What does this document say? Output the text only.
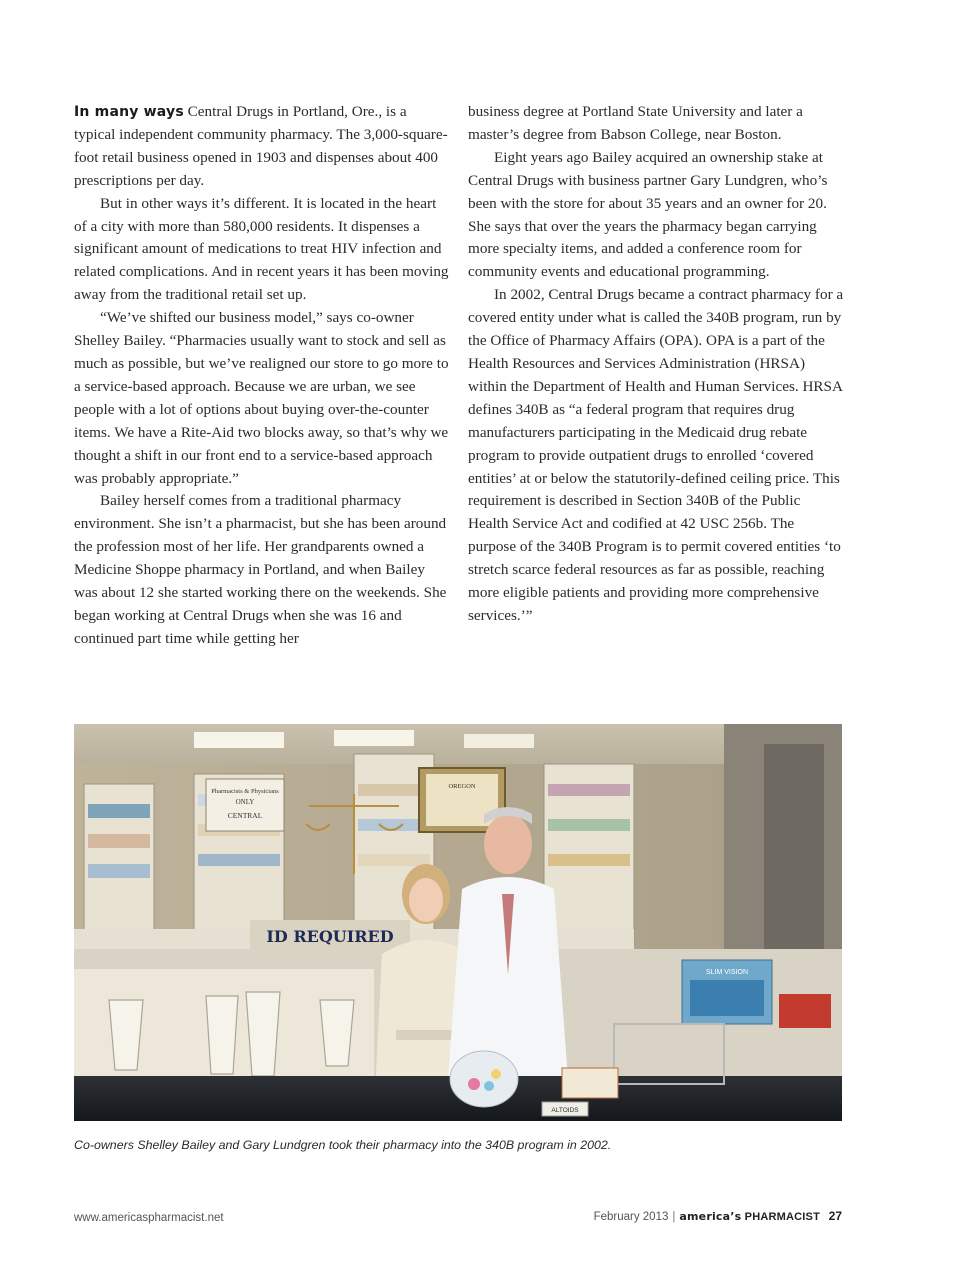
In many ways Central Drugs in Portland, Ore., is a typical independent community pharmacy. The 3,000-square-foot retail business opened in 1903 and dispenses about 400 prescriptions per day.

But in other ways it’s different. It is located in the heart of a city with more than 580,000 residents. It dispenses a significant amount of medications to treat HIV infection and related complications. And in recent years it has been moving away from the traditional retail set up.

“We’ve shifted our business model,” says co-owner Shelley Bailey. “Pharmacies usually want to stock and sell as much as possible, but we’ve realigned our store to go more to a service-based approach. Because we are urban, we see people with a lot of options about buying over-the-counter items. We have a Rite-Aid two blocks away, so that’s why we thought a shift in our front end to a service-based approach was probably appropriate.”

Bailey herself comes from a traditional pharmacy environment. She isn’t a pharmacist, but she has been around the profession most of her life. Her grandparents owned a Medicine Shoppe pharmacy in Portland, and when Bailey was about 12 she started working there on the weekends. She began working at Central Drugs when she was 16 and continued part time while getting her

business degree at Portland State University and later a master’s degree from Babson College, near Boston.

Eight years ago Bailey acquired an ownership stake at Central Drugs with business partner Gary Lundgren, who’s been with the store for about 35 years and an owner for 20. She says that over the years the pharmacy began carrying more specialty items, and added a conference room for community events and educational programming.

In 2002, Central Drugs became a contract pharmacy for a covered entity under what is called the 340B program, run by the Office of Pharmacy Affairs (OPA). OPA is a part of the Health Resources and Services Administration (HRSA) within the Department of Health and Human Services. HRSA defines 340B as “a federal program that requires drug manufacturers participating in the Medicaid drug rebate program to provide outpatient drugs to enrolled ‘covered entities’ at or below the statutorily-defined ceiling price. This requirement is described in Section 340B of the Public Health Service Act and codified at 42 USC 256b. The purpose of the 340B Program is to permit covered entities ‘to stretch scarce federal resources as far as possible, reaching more eligible patients and providing more comprehensive services.’”

Pharmacists & Physicians
ONLY
CENTRAL
OREGON
ID REQUIRED
SLIM VISION
ALTOIDS
Co-owners Shelley Bailey and Gary Lundgren took their pharmacy into the 340B program in 2002.
www.americaspharmacist.net	February 2013 | america’s PHARMACIST 27
